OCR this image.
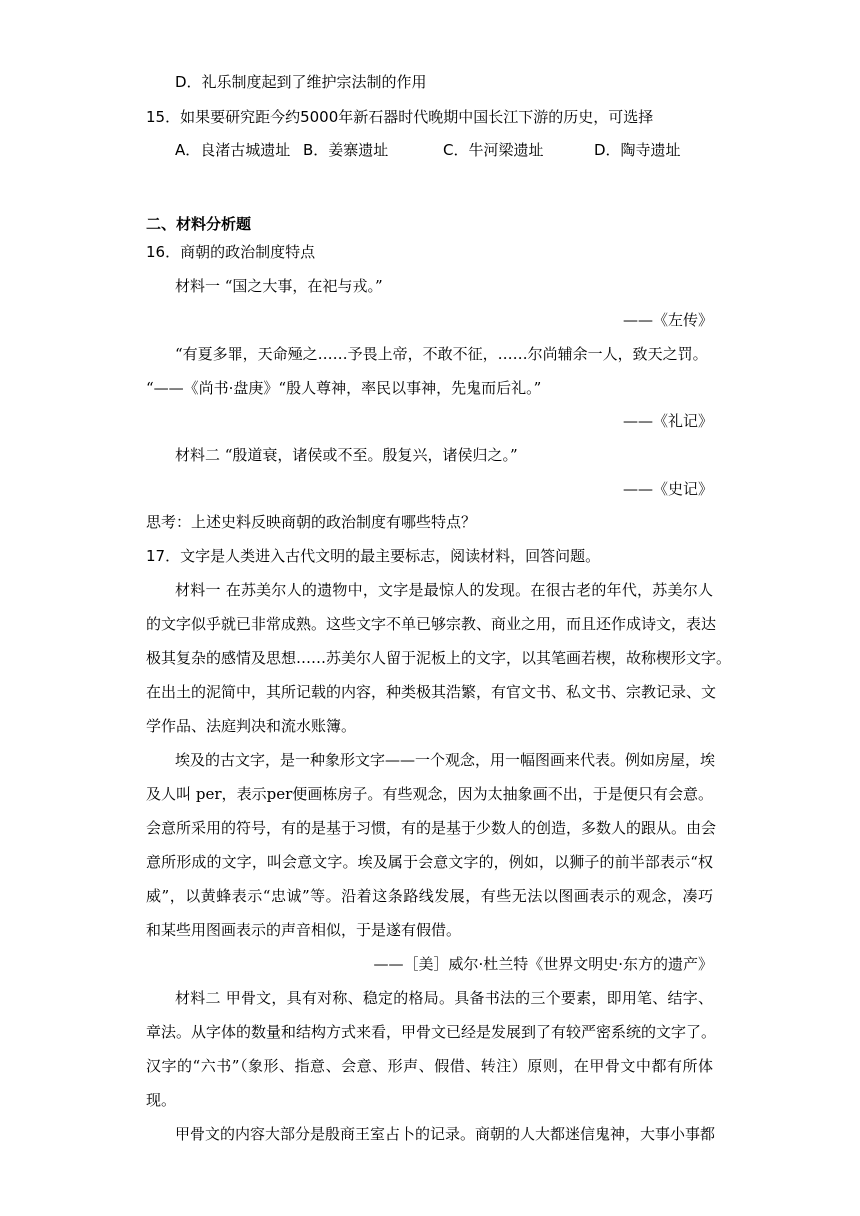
D．礼乐制度起到了维护宗法制的作用
15．如果要研究距今约5000年新石器时代晚期中国长江下游的历史，可选择
A．良渚古城遗址 B．姜寨遗址	C．牛河梁遗址	D．陶寺遗址
二、材料分析题
16．商朝的政治制度特点
材料一 “国之大事，在祀与戎。”
——《左传》
“有夏多罪，天命殛之……予畏上帝，不敢不征，……尔尚辅余一人，致天之罚。
“——《尚书·盘庚》“殷人尊神，率民以事神，先鬼而后礼。”
——《礼记》
材料二 “殷道衰，诸侯或不至。殷复兴，诸侯归之。”
——《史记》
思考：上述史料反映商朝的政治制度有哪些特点？
17．文字是人类进入古代文明的最主要标志，阅读材料，回答问题。
材料一 在苏美尔人的遗物中，文字是最惊人的发现。在很古老的年代，苏美尔人
的文字似乎就已非常成熟。这些文字不单已够宗教、商业之用，而且还作成诗文，表达
极其复杂的感情及思想……苏美尔人留于泥板上的文字，以其笔画若楔，故称楔形文字。
在出土的泥简中，其所记载的内容，种类极其浩繁，有官文书、私文书、宗教记录、文
学作品、法庭判决和流水账簿。
埃及的古文字，是一种象形文字——一个观念，用一幅图画来代表。例如房屋，埃
及人叫 per，表示per便画栋房子。有些观念，因为太抽象画不出，于是便只有会意。
会意所采用的符号，有的是基于习惯，有的是基于少数人的创造，多数人的跟从。由会
意所形成的文字，叫会意文字。埃及属于会意文字的，例如，以狮子的前半部表示“权
威”，以黄蜂表示“忠诚”等。沿着这条路线发展，有些无法以图画表示的观念，凑巧
和某些用图画表示的声音相似，于是遂有假借。
——［美］威尔·杜兰特《世界文明史·东方的遗产》
材料二 甲骨文，具有对称、稳定的格局。具备书法的三个要素，即用笔、结字、
章法。从字体的数量和结构方式来看，甲骨文已经是发展到了有较严密系统的文字了。
汉字的“六书”（象形、指意、会意、形声、假借、转注）原则，在甲骨文中都有所体
现。
甲骨文的内容大部分是殷商王室占卜的记录。商朝的人大都迷信鬼神，大事小事都
